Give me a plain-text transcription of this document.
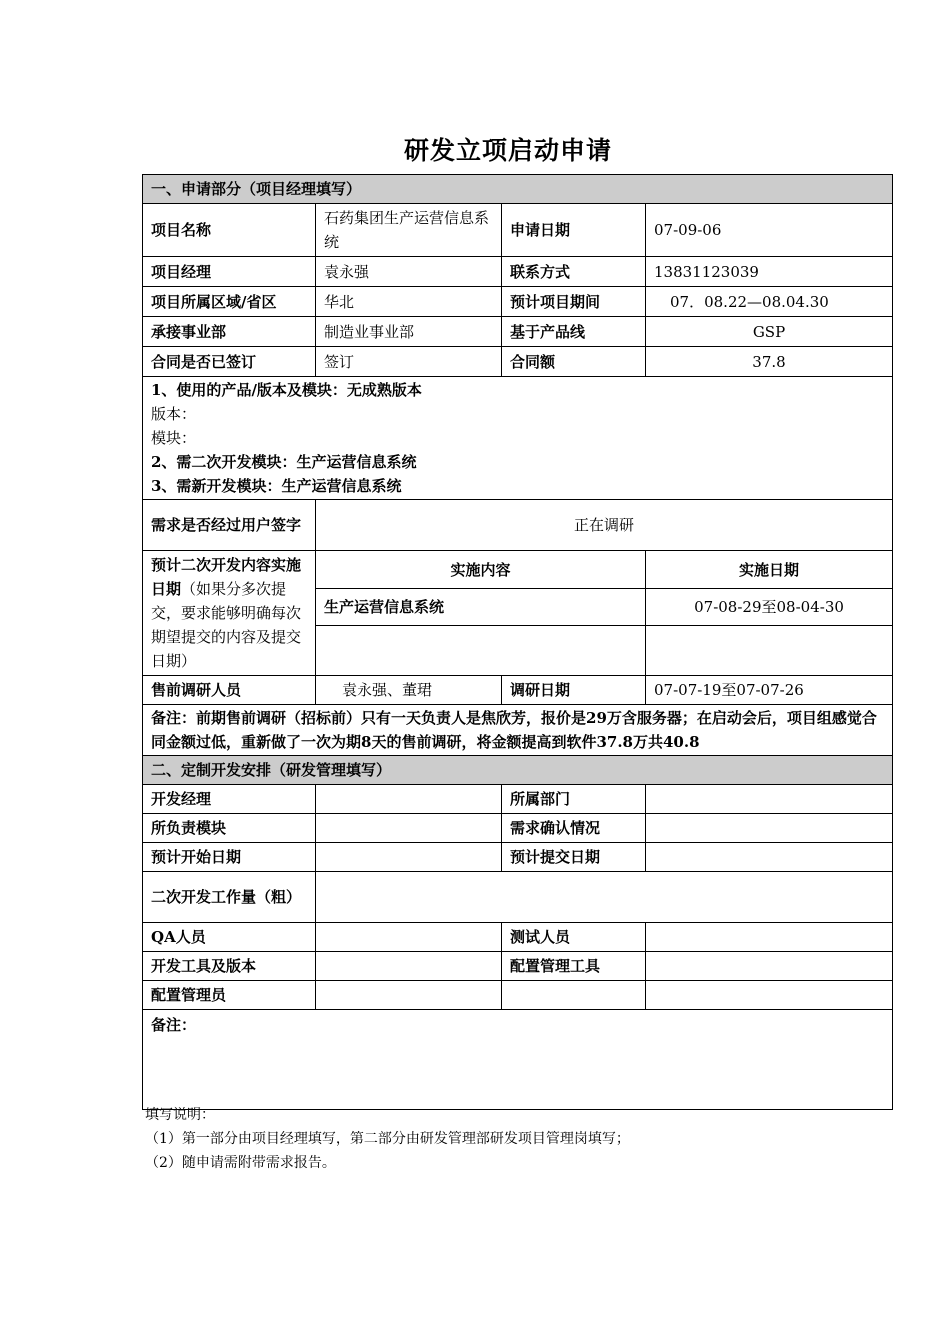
研发立项启动申请
一、申请部分（项目经理填写）			
项目名称	石药集团生产运营信息系统	申请日期	07-09-06
项目经理	袁永强	联系方式	13831123039
项目所属区域/省区	华北	预计项目期间	07．08.22—08.04.30
承接事业部	制造业事业部	基于产品线	GSP
合同是否已签订	签订	合同额	37.8

1、使用的产品/版本及模块：无成熟版本
版本：
模块：
2、需二次开发模块：生产运营信息系统
3、需新开发模块：生产运营信息系统			

需求是否经过用户签字	正在调研		
预计二次开发内容实施日期（如果分多次提交，要求能够明确每次期望提交的内容及提交日期）	实施内容		实施日期
	生产运营信息系统		07-08-29至08-04-30

售前调研人员	袁永强、董珺	调研日期	07-07-19至07-07-26
备注：前期售前调研（招标前）只有一天负责人是焦欣芳，报价是29万含服务器；在启动会后，项目组感觉合同金额过低，重新做了一次为期8天的售前调研，将金额提高到软件37.8万共40.8			
二、定制开发安排（研发管理填写）			
开发经理		所属部门	
所负责模块		需求确认情况	
预计开始日期		预计提交日期	
二次开发工作量（粗）			
QA人员		测试人员	
开发工具及版本		配置管理工具	
配置管理员			
备注：			
填写说明：
（1）第一部分由项目经理填写，第二部分由研发管理部研发项目管理岗填写；
（2）随申请需附带需求报告。
